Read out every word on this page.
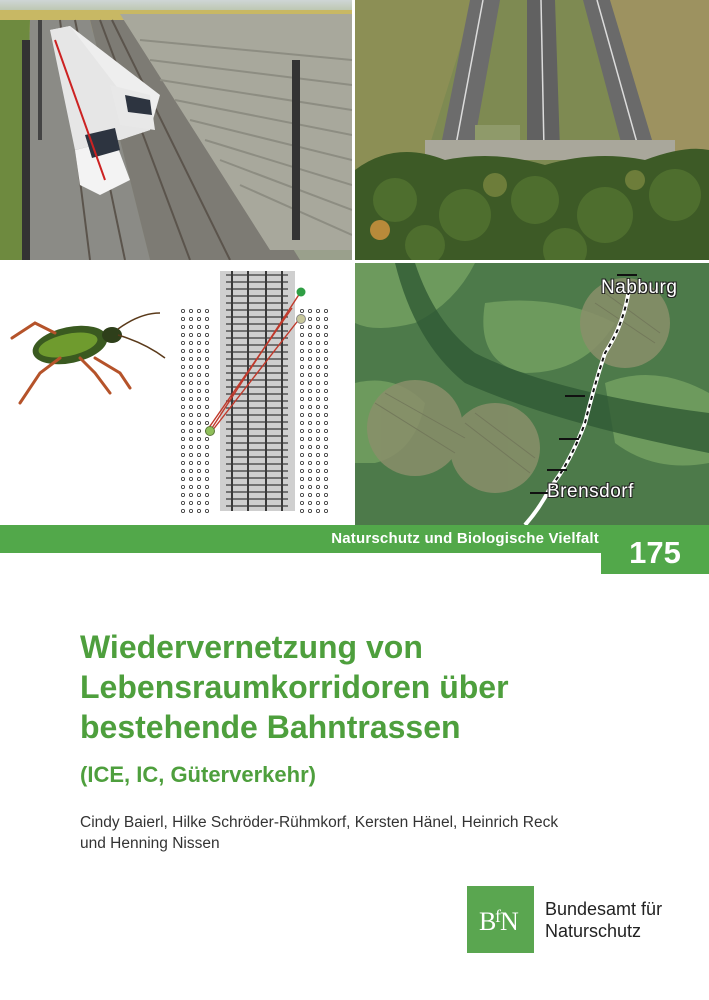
Nabburg
Brensdorf
Naturschutz und Biologische Vielfalt 175
Wiedervernetzung von
Lebensraumkorridoren über
bestehende Bahntrassen
(ICE, IC, Güterverkehr)
Cindy Baierl, Hilke Schröder-Rühmkorf, Kersten Hänel, Heinrich Reck
und Henning Nissen
B
f N Bundesamt für
Naturschutz
